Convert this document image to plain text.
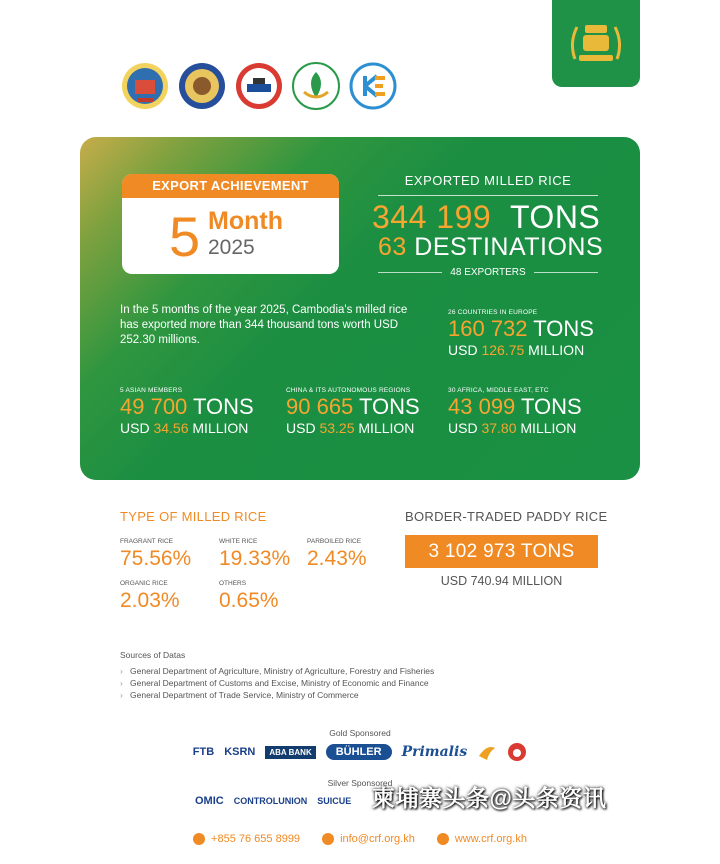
EXPORT ACHIEVEMENT
5 Month
2025
EXPORTED MILLED RICE
344 199 TONS
63 DESTINATIONS
48 EXPORTERS
In the 5 months of the year 2025, Cambodia's milled rice has exported more than 344 thousand tons worth USD 252.30 millions.
26 COUNTRIES IN EUROPE
160 732 TONS
USD 126.75 MILLION
5 ASIAN MEMBERS
49 700 TONS
USD 34.56 MILLION
CHINA & ITS AUTONOMOUS REGIONS
90 665 TONS
USD 53.25 MILLION
30 AFRICA, MIDDLE EAST, ETC
43 099 TONS
USD 37.80 MILLION
TYPE OF MILLED RICE
FRAGRANT RICE
75.56%
WHITE RICE
19.33%
PARBOILED RICE
2.43%
ORGANIC RICE
2.03%
OTHERS
0.65%
BORDER-TRADED PADDY RICE
3 102 973 TONS
USD 740.94 MILLION
Sources of Datas
› General Department of Agriculture, Ministry of Agriculture, Forestry and Fisheries
› General Department of Customs and Excise, Ministry of Economic and Finance
› General Department of Trade Service, Ministry of Commerce
Gold Sponsored
FTB KSRN	ABA BANK	BÜHLER	Primalis
Silver Sponsored
OMIC CONTROLUNION SUICUE 柬埔寨头条@头条资讯
+855 76 655 8999	info@crf.org.kh	www.crf.org.kh
